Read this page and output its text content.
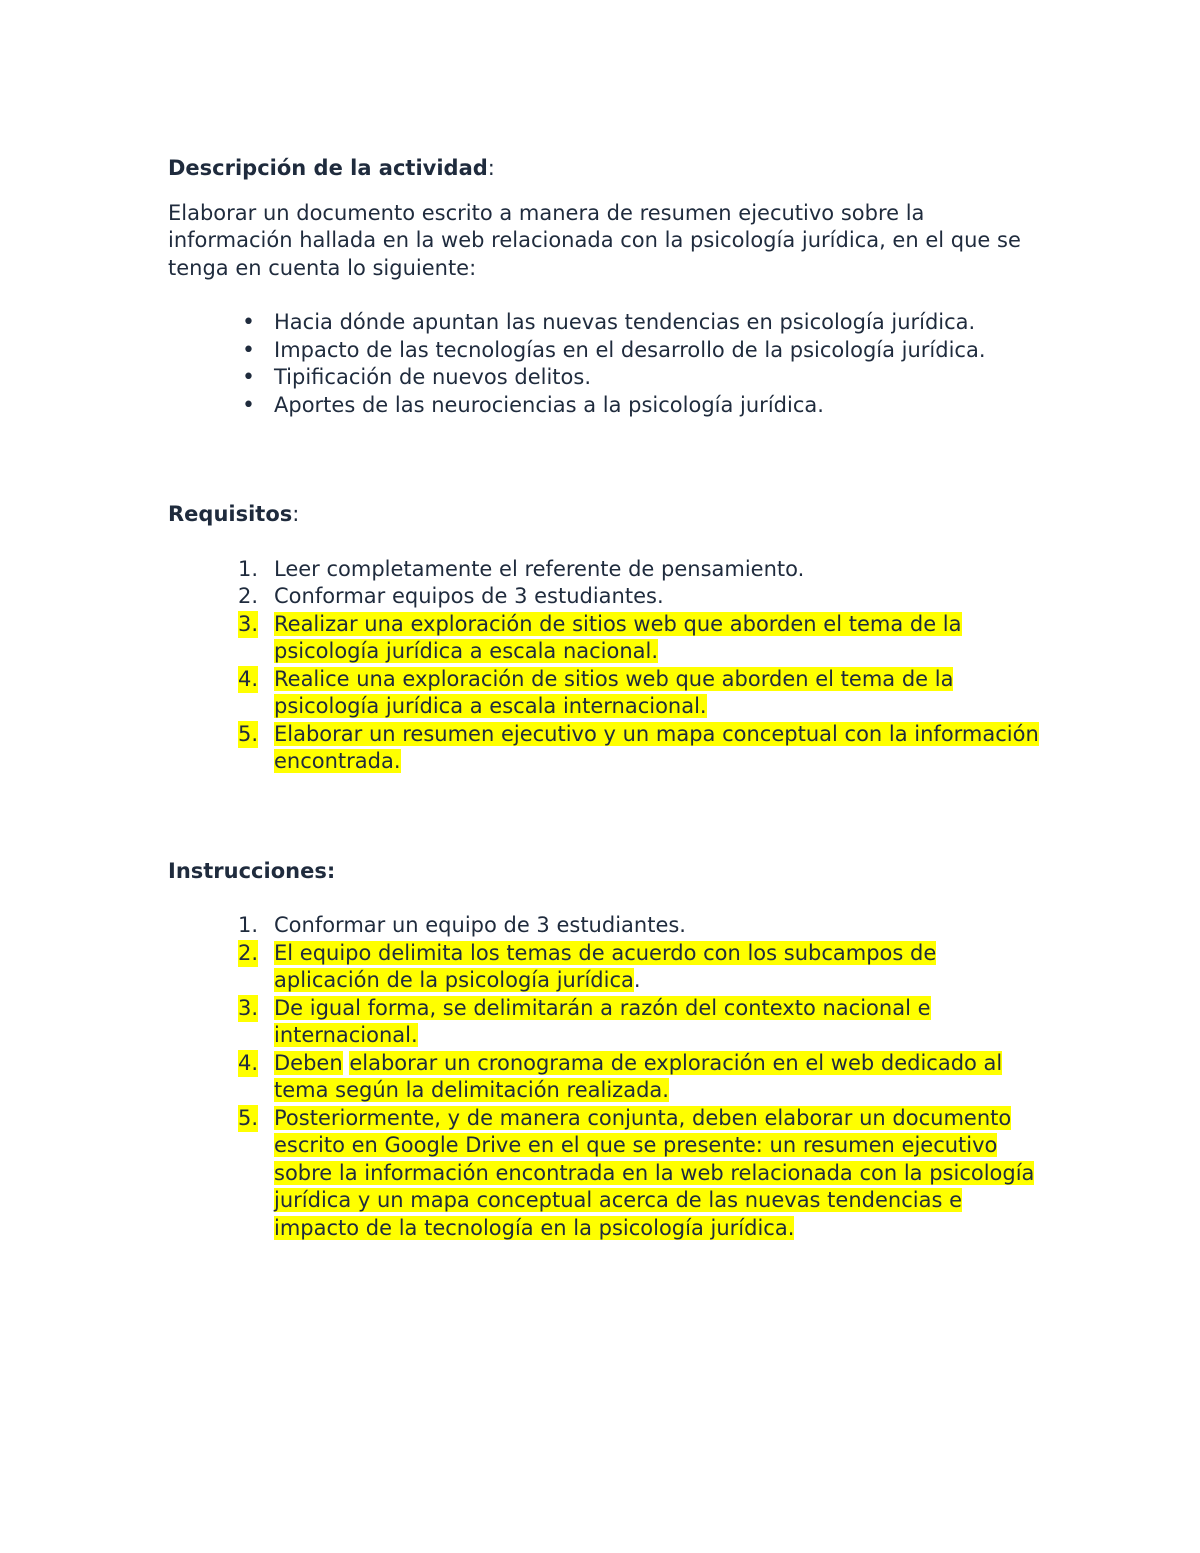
Descripción de la actividad:

Elaborar un documento escrito a manera de resumen ejecutivo sobre la información hallada en la web relacionada con la psicología jurídica, en el que se tenga en cuenta lo siguiente:

• Hacia dónde apuntan las nuevas tendencias en psicología jurídica.
• Impacto de las tecnologías en el desarrollo de la psicología jurídica.
• Tipificación de nuevos delitos.
• Aportes de las neurociencias a la psicología jurídica.

Requisitos:

1. Leer completamente el referente de pensamiento.
2. Conformar equipos de 3 estudiantes.
3. Realizar una exploración de sitios web que aborden el tema de la psicología jurídica a escala nacional.
4. Realice una exploración de sitios web que aborden el tema de la psicología jurídica a escala internacional.
5. Elaborar un resumen ejecutivo y un mapa conceptual con la información encontrada.

Instrucciones:

1. Conformar un equipo de 3 estudiantes.
2. El equipo delimita los temas de acuerdo con los subcampos de aplicación de la psicología jurídica.
3. De igual forma, se delimitarán a razón del contexto nacional e internacional.
4. Deben elaborar un cronograma de exploración en el web dedicado al tema según la delimitación realizada.
5. Posteriormente, y de manera conjunta, deben elaborar un documento escrito en Google Drive en el que se presente: un resumen ejecutivo sobre la información encontrada en la web relacionada con la psicología jurídica y un mapa conceptual acerca de las nuevas tendencias e impacto de la tecnología en la psicología jurídica.
